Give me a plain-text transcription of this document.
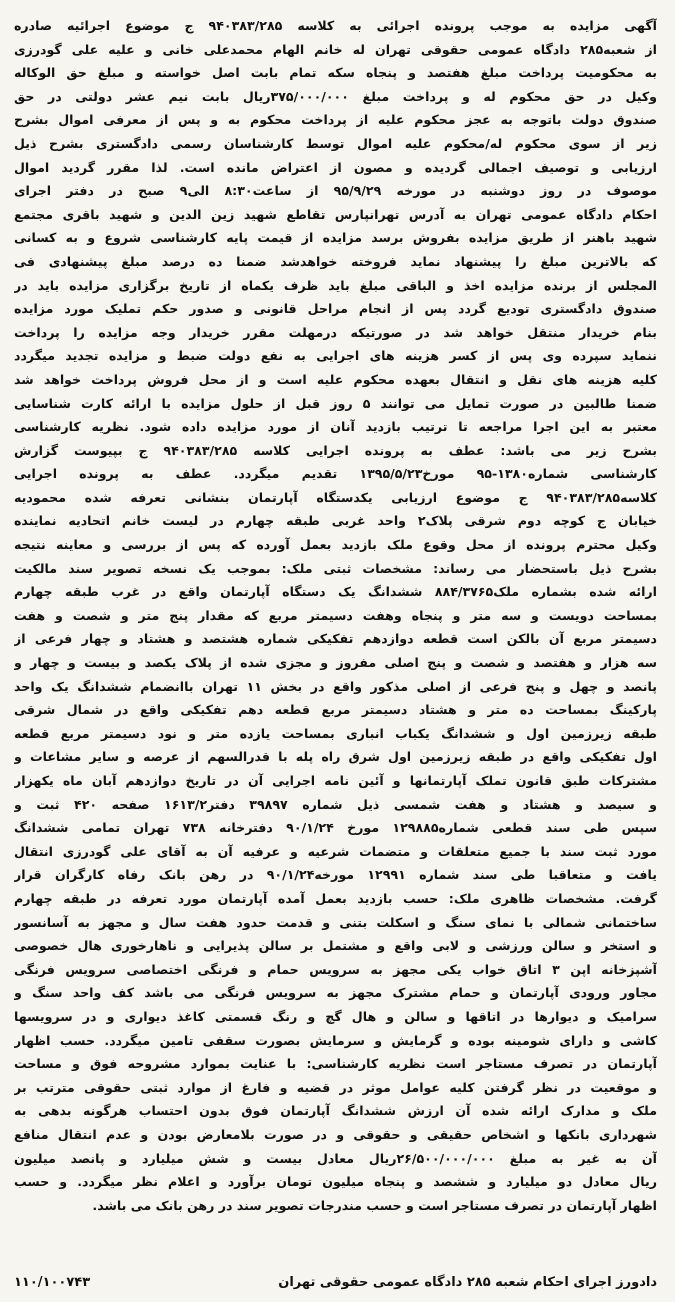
آگهی مزایده به موجب پرونده اجرائی به کلاسه ۹۴۰۳۸۳/۲۸۵ ج موضوع اجرائیه صادره
از شعبه۲۸۵ دادگاه عمومی حقوقی تهران له خانم الهام محمدعلی خانی و علیه علی گودرزی
به محکومیت پرداخت مبلغ هفتصد و پنجاه سکه تمام بابت اصل خواسته و مبلغ حق الوکاله
وکیل در حق محکوم له و پرداخت مبلغ ۳۷۵/۰۰۰/۰۰۰ریال بابت نیم عشر دولتی در حق
صندوق دولت باتوجه به عجز محکوم علیه از پرداخت محکوم به و پس از معرفی اموال بشرح
زیر از سوی محکوم له/محکوم علیه اموال توسط کارشناسان رسمی دادگستری بشرح ذیل
ارزیابی و توصیف اجمالی گردیده و مصون از اعتراض مانده است. لذا مقرر گردید اموال
موصوف در روز دوشنبه در مورخه ۹۵/۹/۲۹ از ساعت۸:۳۰ الی۹ صبح در دفتر اجرای
احکام دادگاه عمومی تهران به آدرس تهرانپارس تقاطع شهید زین الدین و شهید باقری مجتمع
شهید باهنر از طریق مزایده بفروش برسد مزایده از قیمت پایه کارشناسی شروع و به کسانی
که بالاترین مبلغ را پیشنهاد نماید فروخته خواهدشد ضمنا ده درصد مبلغ پیشنهادی فی
المجلس از برنده مزایده اخذ و الباقی مبلغ باید ظرف یکماه از تاریخ برگزاری مزایده باید در
صندوق دادگستری تودیع گردد پس از انجام مراحل قانونی و صدور حکم تملیک مورد مزایده
بنام خریدار منتقل خواهد شد در صورتیکه درمهلت مقرر خریدار وجه مزایده را پرداخت
ننماید سپرده وی پس از کسر هزینه های اجرایی به نفع دولت ضبط و مزایده تجدید میگردد
کلیه هزینه های نقل و انتقال بعهده محکوم علیه است و از محل فروش پرداخت خواهد شد
ضمنا طالبین در صورت تمایل می توانند ۵ روز قبل از حلول مزایده با ارائه کارت شناسایی
معتبر به این اجرا مراجعه تا ترتیب بازدید آنان از مورد مزایده داده شود. نظریه کارشناسی
بشرح زیر می باشد: عطف به پرونده اجرایی کلاسه ۹۴۰۳۸۳/۲۸۵ ج بپیوست گزارش
کارشناسی شماره۱۳۸۰-۹۵ مورخ۱۳۹۵/۵/۲۳ تقدیم میگردد. عطف به پرونده اجرایی
کلاسه۹۴۰۳۸۳/۲۸۵ ج موضوع ارزیابی یکدستگاه آپارتمان بنشانی تعرفه شده محمودیه
خیابان ج کوچه دوم شرقی پلاک۲ واحد غربی طبقه چهارم در لیست خانم اتحادیه نماینده
وکیل محترم پرونده از محل وقوع ملک بازدید بعمل آورده که پس از بررسی و معاینه نتیجه
بشرح ذیل باستحضار می رساند: مشخصات ثبتی ملک: بموجب یک نسخه تصویر سند مالکیت
ارائه شده بشماره ملک۸۸۴/۳۷۶۵ ششدانگ یک دستگاه آپارتمان واقع در غرب طبقه چهارم
بمساحت دویست و سه متر و پنجاه وهفت دسیمتر مربع که مقدار پنج متر و شصت و هفت
دسیمتر مربع آن بالکن است قطعه دوازدهم تفکیکی شماره هشتصد و هشتاد و چهار فرعی از
سه هزار و هفتصد و شصت و پنج اصلی مفروز و مجزی شده از پلاک یکصد و بیست و چهار و
پانصد و چهل و پنج فرعی از اصلی مذکور واقع در بخش ۱۱ تهران باانضمام ششدانگ یک واحد
پارکینگ بمساحت ده متر و هشتاد دسیمتر مربع قطعه دهم تفکیکی واقع در شمال شرقی
طبقه زیرزمین اول و ششدانگ یکباب انباری بمساحت یازده متر و نود دسیمتر مربع قطعه
اول تفکیکی واقع در طبقه زیرزمین اول شرق راه پله با قدرالسهم از عرصه و سایر مشاعات و
مشترکات طبق قانون تملک آپارتمانها و آئین نامه اجرایی آن در تاریخ دوازدهم آبان ماه یکهزار
و سیصد و هشتاد و هفت شمسی ذیل شماره ۳۹۸۹۷ دفتر۱۶۱۳/۲ صفحه ۴۲۰ ثبت و
سپس طی سند قطعی شماره۱۲۹۸۸۵ مورخ ۹۰/۱/۲۴ دفترخانه ۷۳۸ تهران تمامی ششدانگ
مورد ثبت سند با جمیع متعلقات و متضمات شرعیه و عرفیه آن به آقای علی گودرزی انتقال
یافت و متعاقبا طی سند شماره ۱۲۹۹۱ مورخه۹۰/۱/۲۴ در رهن بانک رفاه کارگران قرار
گرفت. مشخصات ظاهری ملک: حسب بازدید بعمل آمده آپارتمان مورد تعرفه در طبقه چهارم
ساختمانی شمالی با نمای سنگ و اسکلت بتنی و قدمت حدود هفت سال و مجهز به آسانسور
و استخر و سالن ورزشی و لابی واقع و مشتمل بر سالن پذیرایی و ناهارخوری هال خصوصی
آشپزخانه اپن ۳ اتاق خواب یکی مجهز به سرویس حمام و فرنگی اختصاصی سرویس فرنگی
مجاور ورودی آپارتمان و حمام مشترک مجهز به سرویس فرنگی می باشد کف واحد سنگ و
سرامیک و دیوارها در اتاقها و سالن و هال گچ و رنگ قسمتی کاغذ دیواری و در سرویسها
کاشی و دارای شومینه بوده و گرمایش و سرمایش بصورت سقفی تامین میگردد. حسب اظهار
آپارتمان در تصرف مستاجر است نظریه کارشناسی: با عنایت بموارد مشروحه فوق و مساحت
و موقعیت در نظر گرفتن کلیه عوامل موثر در قضیه و فارغ از موارد ثبتی حقوقی مترتب بر
ملک و مدارک ارائه شده آن ارزش ششدانگ آپارتمان فوق بدون احتساب هرگونه بدهی به
شهرداری بانکها و اشخاص حقیقی و حقوقی و در صورت بلامعارض بودن و عدم انتقال منافع
آن به غیر به مبلغ ۲۶/۵۰۰/۰۰۰/۰۰۰ریال معادل بیست و شش میلیارد و پانصد میلیون
ریال معادل دو میلیارد و ششصد و پنجاه میلیون تومان برآورد و اعلام نظر میگردد. و حسب
اظهار آپارتمان در تصرف مستاجر است و حسب مندرجات تصویر سند در رهن بانک می باشد.
دادورز اجرای احکام شعبه ۲۸۵ دادگاه عمومی حقوقی تهران
۱۱۰/۱۰۰۷۴۳
